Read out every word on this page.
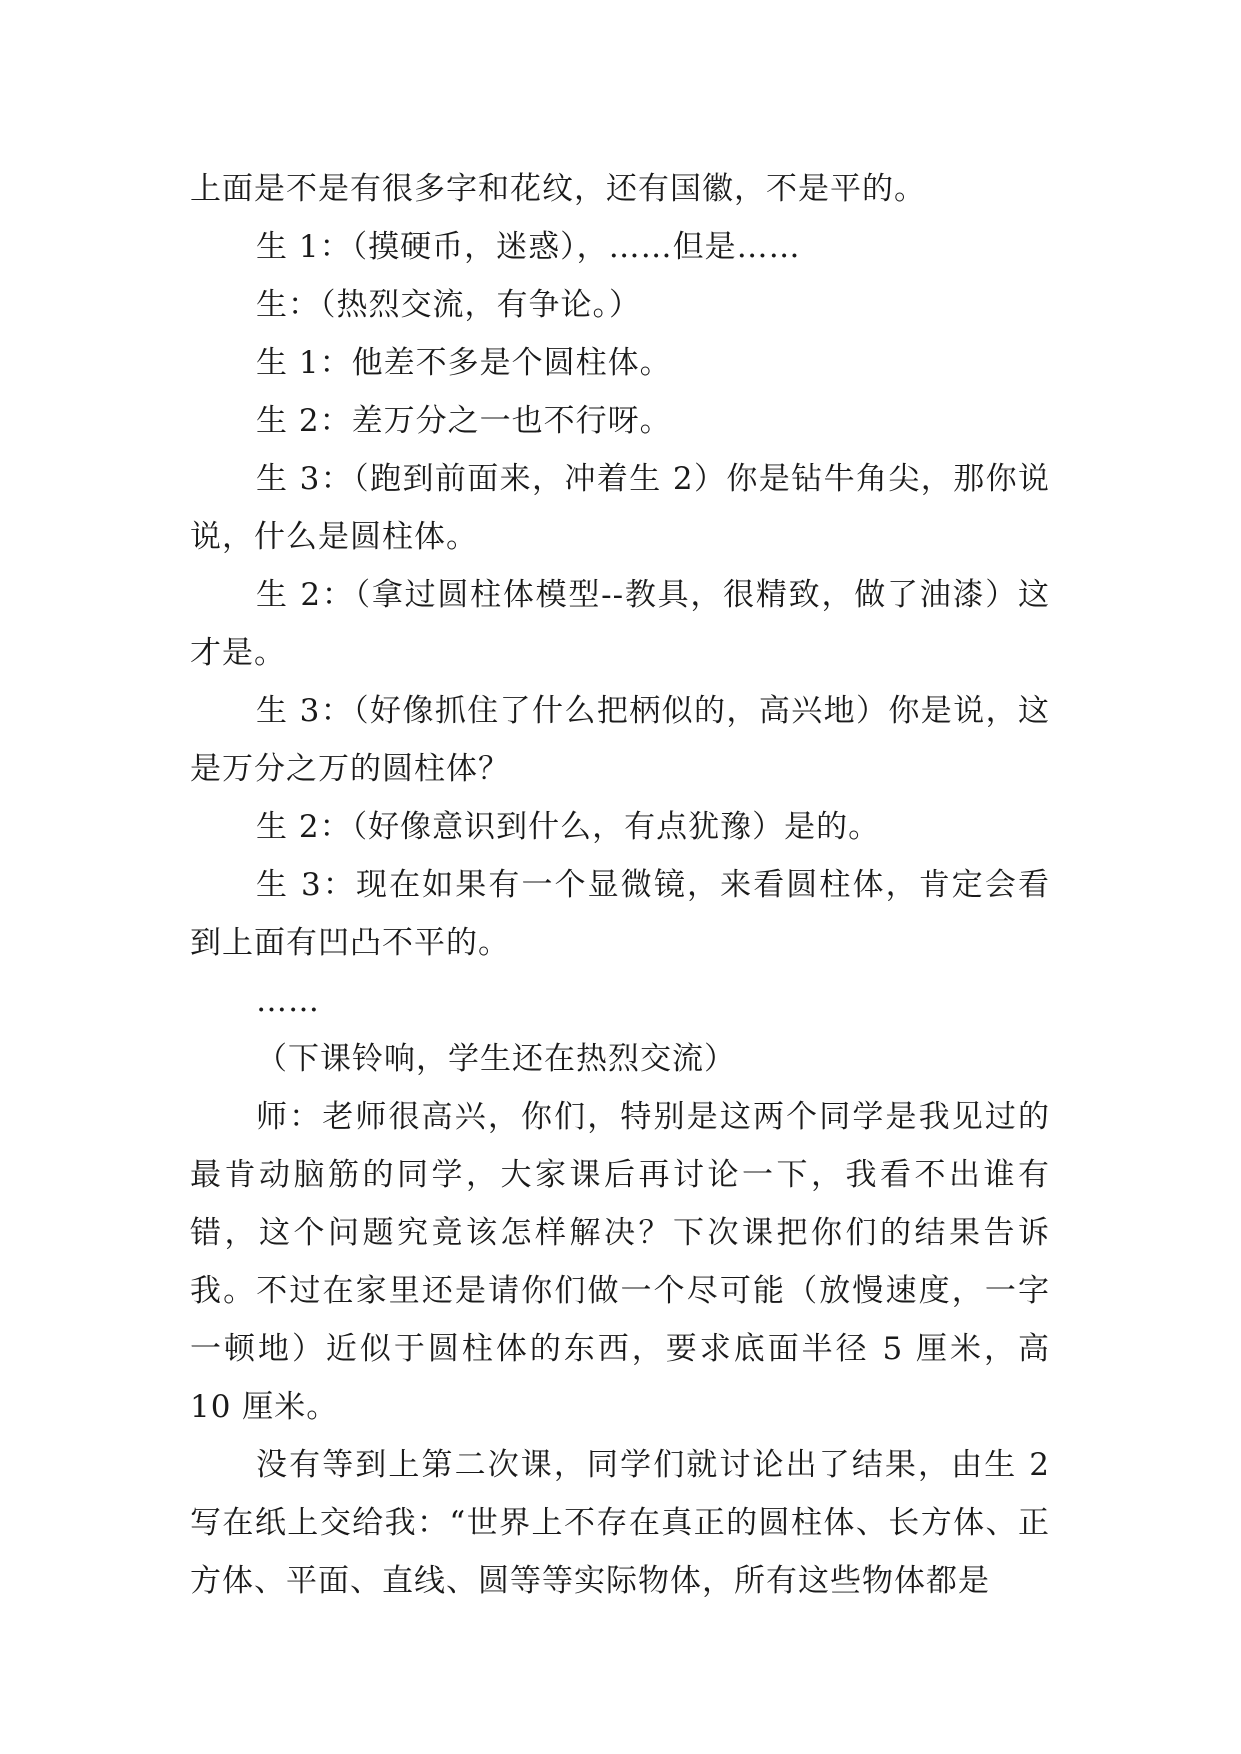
上面是不是有很多字和花纹，还有国徽，不是平的。

生 1：（摸硬币，迷惑），……但是……

生：（热烈交流，有争论。）

生 1：他差不多是个圆柱体。

生 2：差万分之一也不行呀。

生 3：（跑到前面来，冲着生 2）你是钻牛角尖，那你说说，什么是圆柱体。

生 2：（拿过圆柱体模型--教具，很精致，做了油漆）这才是。

生 3：（好像抓住了什么把柄似的，高兴地）你是说，这是万分之万的圆柱体？

生 2：（好像意识到什么，有点犹豫）是的。

生 3：现在如果有一个显微镜，来看圆柱体，肯定会看到上面有凹凸不平的。

……

（下课铃响，学生还在热烈交流）

师：老师很高兴，你们，特别是这两个同学是我见过的最肯动脑筋的同学，大家课后再讨论一下，我看不出谁有错，这个问题究竟该怎样解决？下次课把你们的结果告诉我。不过在家里还是请你们做一个尽可能（放慢速度，一字一顿地）近似于圆柱体的东西，要求底面半径 5 厘米，高 10 厘米。

没有等到上第二次课，同学们就讨论出了结果，由生 2 写在纸上交给我：“世界上不存在真正的圆柱体、长方体、正方体、平面、直线、圆等等实际物体，所有这些物体都是
